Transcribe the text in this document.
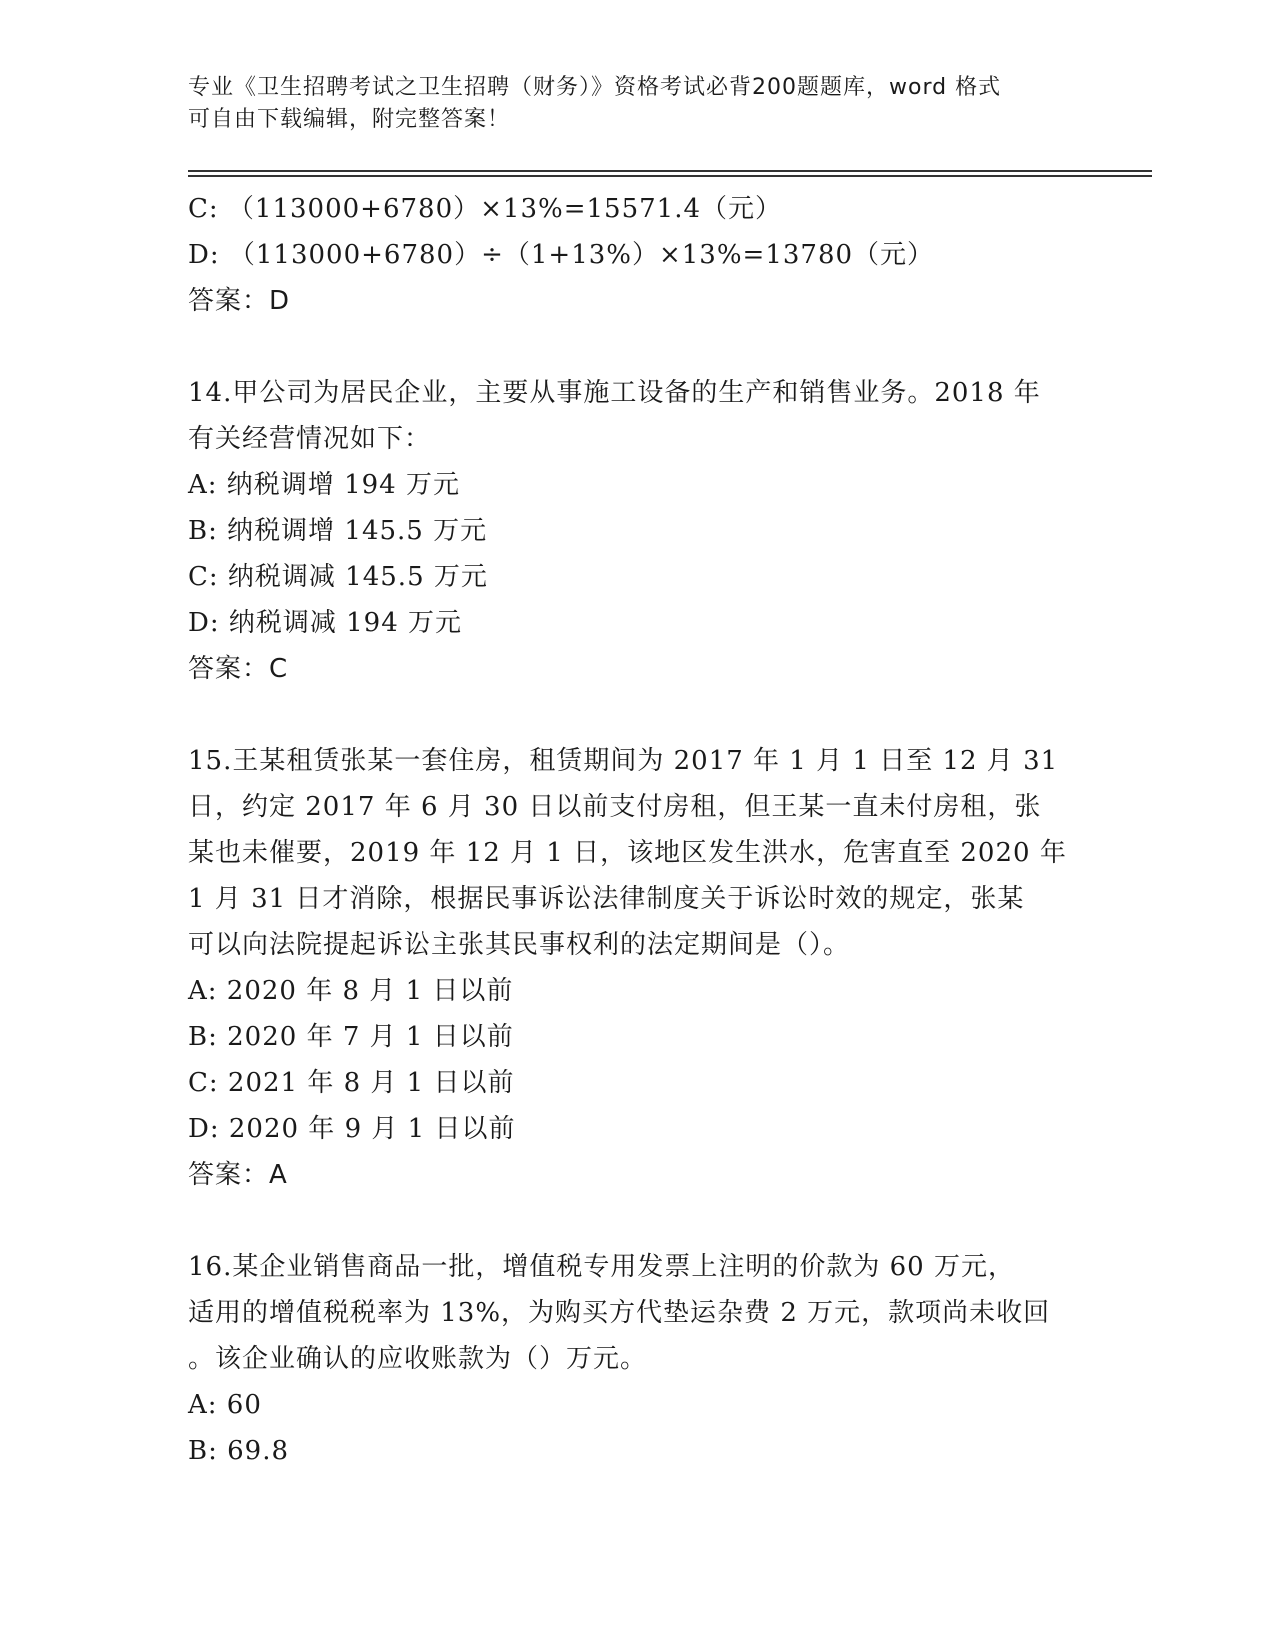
专业《卫生招聘考试之卫生招聘（财务）》资格考试必背200题题库，word 格式
可自由下载编辑，附完整答案！
C: （113000+6780）×13%=15571.4（元）
D: （113000+6780）÷（1+13%）×13%=13780（元）
答案：D
14.甲公司为居民企业，主要从事施工设备的生产和销售业务。2018 年
有关经营情况如下：
A: 纳税调增 194 万元
B: 纳税调增 145.5 万元
C: 纳税调减 145.5 万元
D: 纳税调减 194 万元
答案：C
15.王某租赁张某一套住房，租赁期间为 2017 年 1 月 1 日至 12 月 31
日，约定 2017 年 6 月 30 日以前支付房租，但王某一直未付房租，张
某也未催要，2019 年 12 月 1 日，该地区发生洪水，危害直至 2020 年
1 月 31 日才消除，根据民事诉讼法律制度关于诉讼时效的规定，张某
可以向法院提起诉讼主张其民事权利的法定期间是（）。
A: 2020 年 8 月 1 日以前
B: 2020 年 7 月 1 日以前
C: 2021 年 8 月 1 日以前
D: 2020 年 9 月 1 日以前
答案：A
16.某企业销售商品一批，增值税专用发票上注明的价款为 60 万元，
适用的增值税税率为 13%，为购买方代垫运杂费 2 万元，款项尚未收回
。该企业确认的应收账款为（）万元。
A: 60
B: 69.8
